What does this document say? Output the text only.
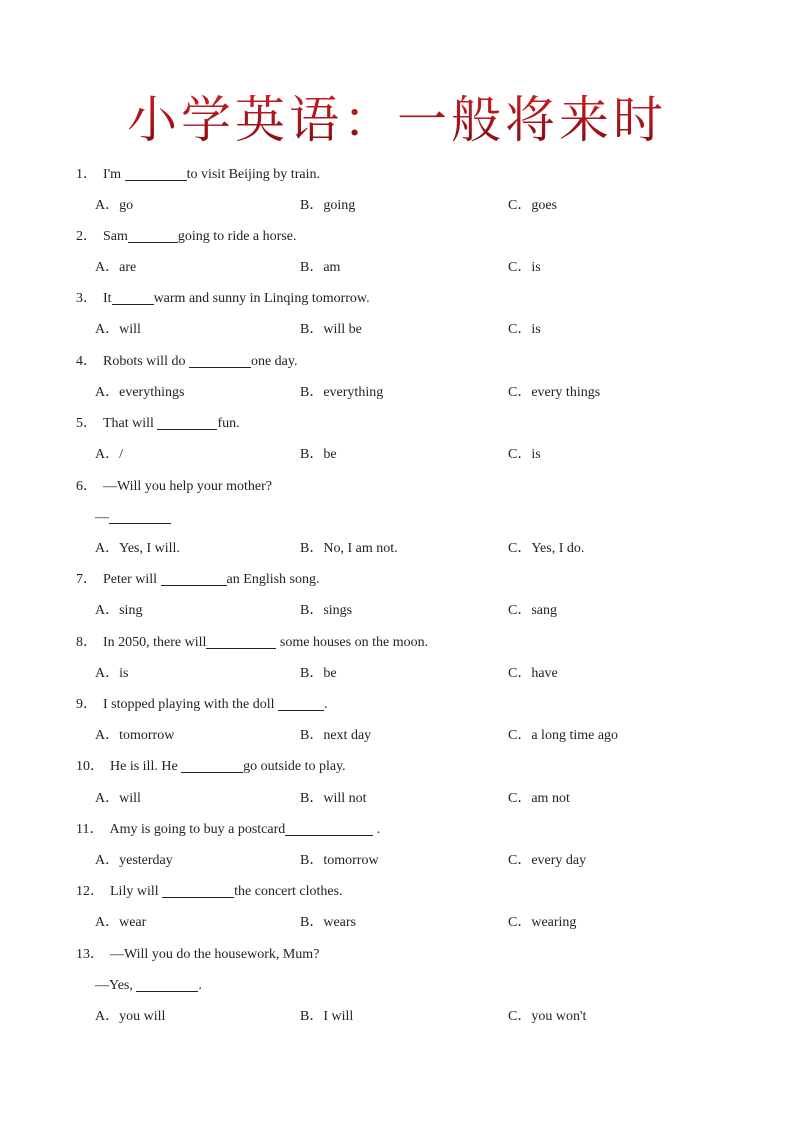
小学英语：一般将来时
1． I'm	to visit Beijing by train.
A．go	B．going	C．goes
2． Sam	going to ride a horse.
A．are	B．am	C．is
3． It	warm and sunny in Linqing tomorrow.
A．will	B．will be	C．is
4． Robots will do	one day.
A．everythings	B．everything	C．every things
5． That will	fun.
A．/	B．be	C．is
6． —Will you help your mother?
—
A．Yes, I will.	B．No, I am not.	C．Yes, I do.
7． Peter will	an English song.
A．sing	B．sings	C．sang
8． In 2050, there will	some houses on the moon.
A．is	B．be	C．have
9． I stopped playing with the doll	.
A．tomorrow	B．next day	C．a long time ago
10． He is ill. He	go outside to play.
A．will	B．will not	C．am not
11． Amy is going to buy a postcard	.
A．yesterday	B．tomorrow	C．every day
12． Lily will	the concert clothes.
A．wear	B．wears	C．wearing
13． —Will you do the housework, Mum?
—Yes,	.
A．you will	B．I will	C．you won't
